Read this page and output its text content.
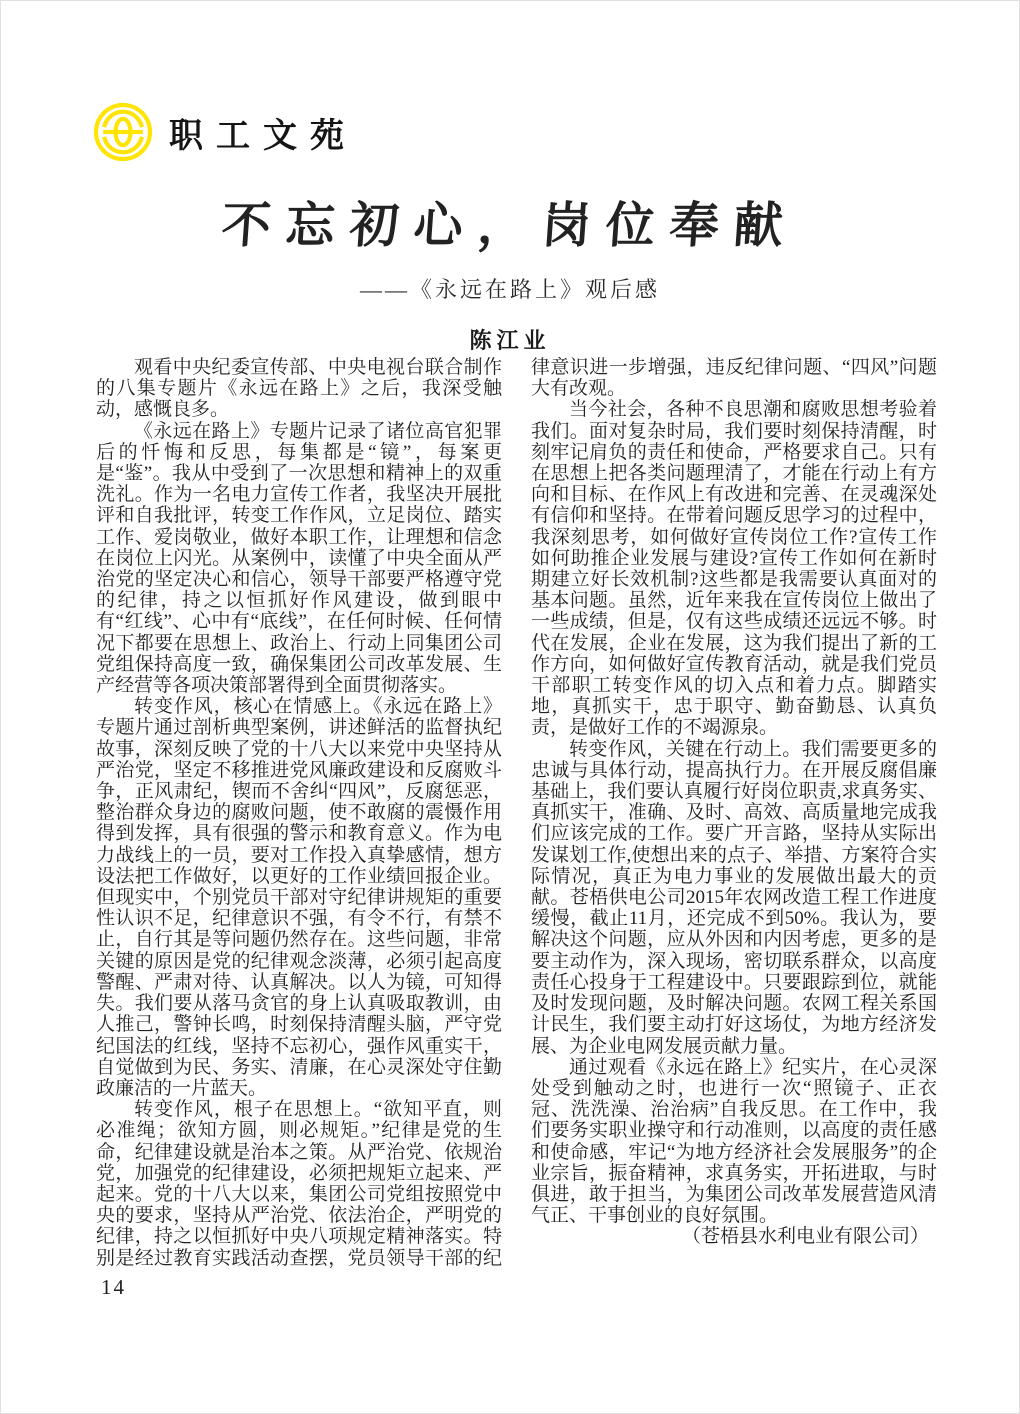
职工文苑
不忘初心，岗位奉献
——《永远在路上》观后感
陈江业

观看中央纪委宣传部、中央电视台联合制作的八集专题片《永远在路上》之后，我深受触动，感慨良多。

《永远在路上》专题片记录了诸位高官犯罪后的忏悔和反思，每集都是“镜”，每案更是“鉴”。我从中受到了一次思想和精神上的双重洗礼。作为一名电力宣传工作者，我坚决开展批评和自我批评，转变工作作风，立足岗位、踏实工作、爱岗敬业，做好本职工作，让理想和信念在岗位上闪光。从案例中，读懂了中央全面从严治党的坚定决心和信心，领导干部要严格遵守党的纪律，持之以恒抓好作风建设，做到眼中有“红线”、心中有“底线”，在任何时候、任何情况下都要在思想上、政治上、行动上同集团公司党组保持高度一致，确保集团公司改革发展、生产经营等各项决策部署得到全面贯彻落实。

转变作风，核心在情感上。《永远在路上》专题片通过剖析典型案例，讲述鲜活的监督执纪故事，深刻反映了党的十八大以来党中央坚持从严治党，坚定不移推进党风廉政建设和反腐败斗争，正风肃纪，锲而不舍纠“四风”，反腐惩恶，整治群众身边的腐败问题，使不敢腐的震慑作用得到发挥，具有很强的警示和教育意义。作为电力战线上的一员，要对工作投入真挚感情，想方设法把工作做好，以更好的工作业绩回报企业。但现实中，个别党员干部对守纪律讲规矩的重要性认识不足，纪律意识不强，有令不行，有禁不止，自行其是等问题仍然存在。这些问题，非常关键的原因是党的纪律观念淡薄，必须引起高度警醒、严肃对待、认真解决。以人为镜，可知得失。我们要从落马贪官的身上认真吸取教训，由人推己，警钟长鸣，时刻保持清醒头脑，严守党纪国法的红线，坚持不忘初心，强作风重实干，自觉做到为民、务实、清廉，在心灵深处守住勤政廉洁的一片蓝天。

转变作风，根子在思想上。“欲知平直，则必准绳；欲知方圆，则必规矩。”纪律是党的生命，纪律建设就是治本之策。从严治党、依规治党，加强党的纪律建设，必须把规矩立起来、严起来。党的十八大以来，集团公司党组按照党中央的要求，坚持从严治党、依法治企，严明党的纪律，持之以恒抓好中央八项规定精神落实。特别是经过教育实践活动查摆，党员领导干部的纪律意识进一步增强，违反纪律问题、“四风”问题大有改观。

当今社会，各种不良思潮和腐败思想考验着我们。面对复杂时局，我们要时刻保持清醒，时刻牢记肩负的责任和使命，严格要求自己。只有在思想上把各类问题理清了，才能在行动上有方向和目标、在作风上有改进和完善、在灵魂深处有信仰和坚持。在带着问题反思学习的过程中，我深刻思考，如何做好宣传岗位工作?宣传工作如何助推企业发展与建设?宣传工作如何在新时期建立好长效机制?这些都是我需要认真面对的基本问题。虽然，近年来我在宣传岗位上做出了一些成绩，但是，仅有这些成绩还远远不够。时代在发展，企业在发展，这为我们提出了新的工作方向，如何做好宣传教育活动，就是我们党员干部职工转变作风的切入点和着力点。脚踏实地，真抓实干，忠于职守、勤奋勤恳、认真负责，是做好工作的不竭源泉。

转变作风，关键在行动上。我们需要更多的忠诚与具体行动，提高执行力。在开展反腐倡廉基础上，我们要认真履行好岗位职责,求真务实、真抓实干，准确、及时、高效、高质量地完成我们应该完成的工作。要广开言路，坚持从实际出发谋划工作,使想出来的点子、举措、方案符合实际情况，真正为电力事业的发展做出最大的贡献。苍梧供电公司2015年农网改造工程工作进度缓慢，截止11月，还完成不到50%。我认为，要解决这个问题，应从外因和内因考虑，更多的是要主动作为，深入现场，密切联系群众，以高度责任心投身于工程建设中。只要跟踪到位，就能及时发现问题，及时解决问题。农网工程关系国计民生，我们要主动打好这场仗，为地方经济发展、为企业电网发展贡献力量。

通过观看《永远在路上》纪实片，在心灵深处受到触动之时，也进行一次“照镜子、正衣冠、洗洗澡、治治病”自我反思。在工作中，我们要务实职业操守和行动准则，以高度的责任感和使命感，牢记“为地方经济社会发展服务”的企业宗旨，振奋精神，求真务实，开拓进取，与时俱进，敢于担当，为集团公司改革发展营造风清气正、干事创业的良好氛围。

（苍梧县水利电业有限公司）

14
